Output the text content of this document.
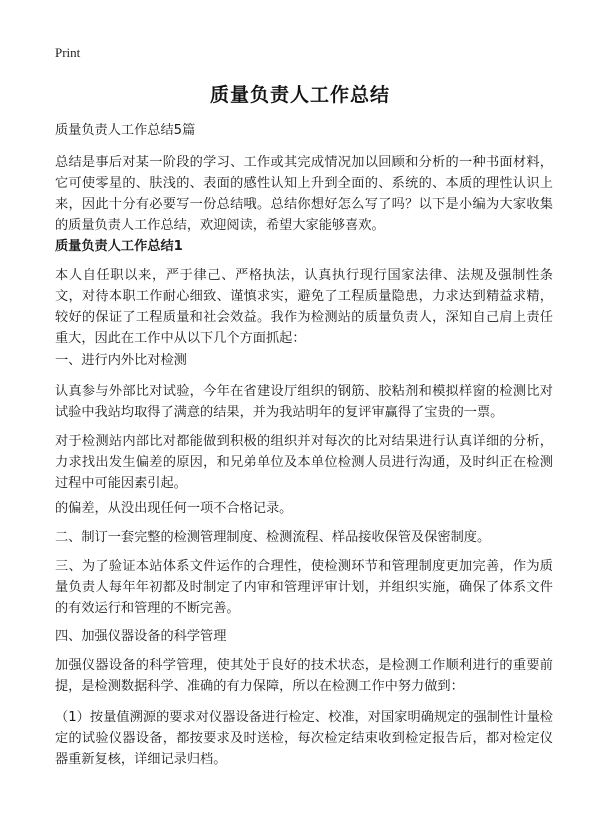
Print
质量负责人工作总结

质量负责人工作总结5篇

总结是事后对某一阶段的学习、工作或其完成情况加以回顾和分析的一种书面材料，它可使零星的、肤浅的、表面的感性认知上升到全面的、系统的、本质的理性认识上来，因此十分有必要写一份总结哦。总结你想好怎么写了吗？以下是小编为大家收集的质量负责人工作总结，欢迎阅读，希望大家能够喜欢。

质量负责人工作总结1

本人自任职以来，严于律己、严格执法，认真执行现行国家法律、法规及强制性条文，对待本职工作耐心细致、谨慎求实，避免了工程质量隐患，力求达到精益求精，较好的保证了工程质量和社会效益。我作为检测站的质量负责人，深知自己肩上责任重大，因此在工作中从以下几个方面抓起：

一、进行内外比对检测

认真参与外部比对试验，今年在省建设厅组织的钢筋、胶粘剂和模拟样窗的检测比对试验中我站均取得了满意的结果，并为我站明年的复评审赢得了宝贵的一票。

对于检测站内部比对都能做到积极的组织并对每次的比对结果进行认真详细的分析，力求找出发生偏差的原因，和兄弟单位及本单位检测人员进行沟通，及时纠正在检测过程中可能因素引起。

的偏差，从没出现任何一项不合格记录。

二、制订一套完整的检测管理制度、检测流程、样品接收保管及保密制度。

三、为了验证本站体系文件运作的合理性，使检测环节和管理制度更加完善，作为质量负责人每年年初都及时制定了内审和管理评审计划，并组织实施，确保了体系文件的有效运行和管理的不断完善。

四、加强仪器设备的科学管理

加强仪器设备的科学管理，使其处于良好的技术状态，是检测工作顺利进行的重要前提，是检测数据科学、准确的有力保障，所以在检测工作中努力做到：

（1）按量值溯源的要求对仪器设备进行检定、校准，对国家明确规定的强制性计量检定的试验仪器设备，都按要求及时送检，每次检定结束收到检定报告后，都对检定仪器重新复核，详细记录归档。
